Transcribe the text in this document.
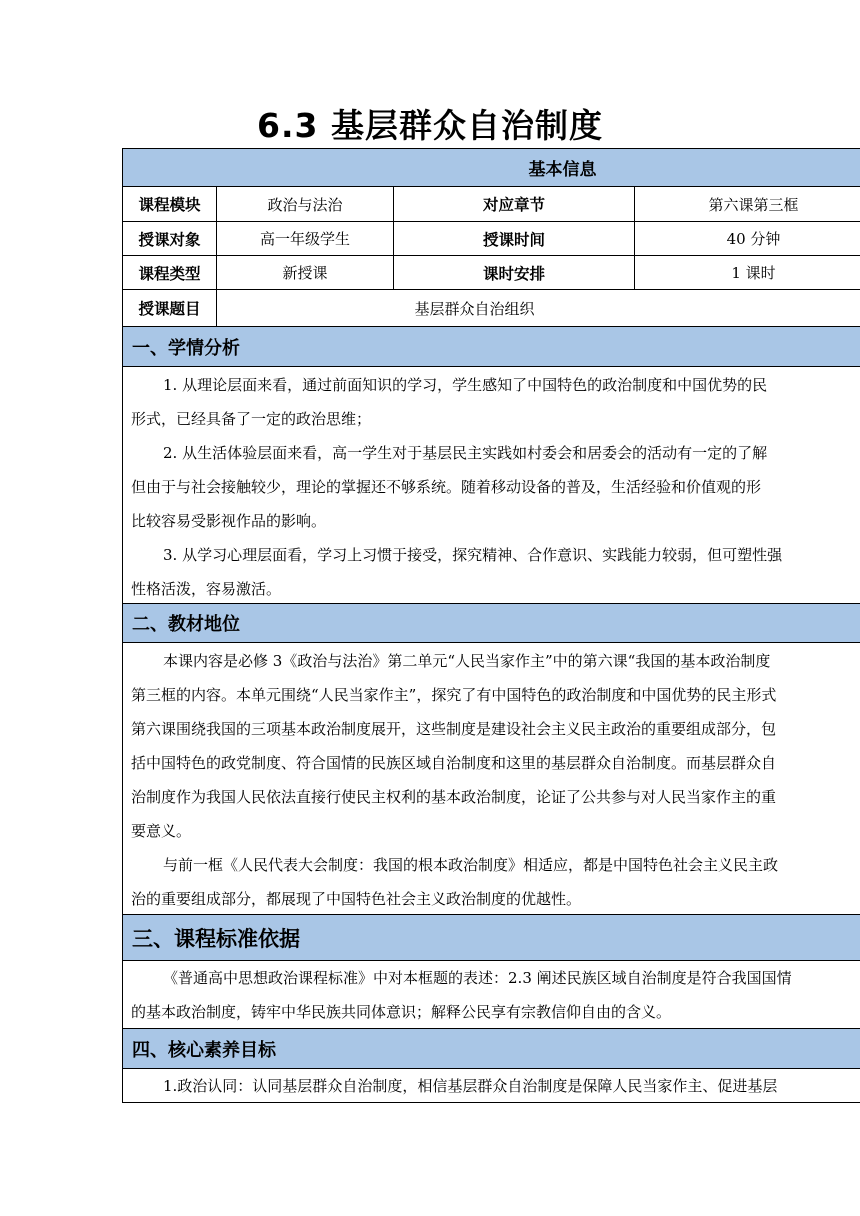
6.3 基层群众自治制度
基本信息
课程模块	政治与法治	对应章节	第六课第三框
授课对象	高一年级学生	授课时间	40 分钟
课程类型	新授课	课时安排	1 课时
授课题目	基层群众自治组织
一、学情分析

1. 从理论层面来看，通过前面知识的学习，学生感知了中国特色的政治制度和中国优势的民

形式，已经具备了一定的政治思维；

2. 从生活体验层面来看，高一学生对于基层民主实践如村委会和居委会的活动有一定的了解

但由于与社会接触较少，理论的掌握还不够系统。随着移动设备的普及，生活经验和价值观的形

比较容易受影视作品的影响。

3. 从学习心理层面看，学习上习惯于接受，探究精神、合作意识、实践能力较弱，但可塑性强

性格活泼，容易激活。

二、教材地位

本课内容是必修 3《政治与法治》第二单元“人民当家作主”中的第六课“我国的基本政治制度

第三框的内容。本单元围绕“人民当家作主”，探究了有中国特色的政治制度和中国优势的民主形式

第六课围绕我国的三项基本政治制度展开，这些制度是建设社会主义民主政治的重要组成部分，包

括中国特色的政党制度、符合国情的民族区域自治制度和这里的基层群众自治制度。而基层群众自

治制度作为我国人民依法直接行使民主权利的基本政治制度，论证了公共参与对人民当家作主的重

要意义。

与前一框《人民代表大会制度：我国的根本政治制度》相适应，都是中国特色社会主义民主政

治的重要组成部分，都展现了中国特色社会主义政治制度的优越性。

三、课程标准依据

《普通高中思想政治课程标准》中对本框题的表述：2.3 阐述民族区域自治制度是符合我国国情

的基本政治制度，铸牢中华民族共同体意识；解释公民享有宗教信仰自由的含义。

四、核心素养目标

1.政治认同：认同基层群众自治制度，相信基层群众自治制度是保障人民当家作主、促进基层
